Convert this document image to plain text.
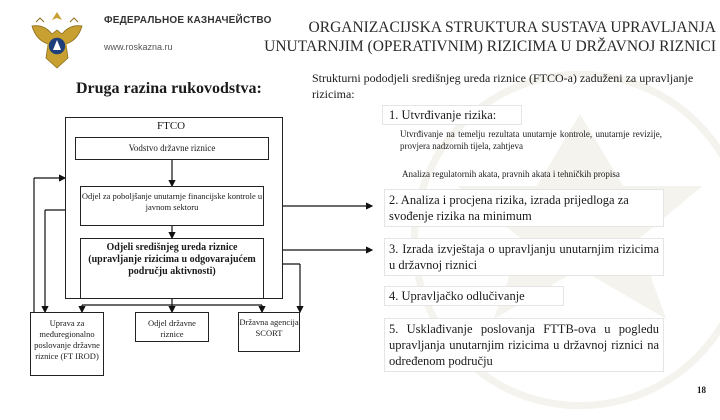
ФЕДЕРАЛЬНОЕ КАЗНАЧЕЙСТВО
www.roskazna.ru
ORGANIZACIJSKA STRUKTURA SUSTAVA UPRAVLJANJA UNUTARNJIM (OPERATIVNIM) RIZICIMA U DRŽAVNOJ RIZNICI
Druga razina rukovodstva:
FTCO
Vodstvo državne riznice
Odjel za poboljšanje unutarnje financijske kontrole u javnom sektoru
Odjeli središnjeg ureda riznice (upravljanje rizicima u odgovarajućem području aktivnosti)
Uprava za međuregionalno poslovanje državne riznice (FT IROD)
Odjel državne riznice
Državna agencija SCORT
Strukturni pododjeli središnjeg ureda riznice (FTCO-a) zaduženi za upravljanje rizicima:
1. Utvrđivanje rizika:
Utvrđivanje na temelju rezultata unutarnje kontrole, unutarnje revizije, provjera nadzornih tijela, zahtjeva
Analiza regulatornih akata, pravnih akata i tehničkih propisa
2. Analiza i procjena rizika, izrada prijedloga za svođenje rizika na minimum
3. Izrada izvještaja o upravljanju unutarnjim rizicima u državnoj riznici
4. Upravljačko odlučivanje
5. Usklađivanje poslovanja FTTB-ova u pogledu upravljanja unutarnjim rizicima u državnoj riznici na određenom području
18
